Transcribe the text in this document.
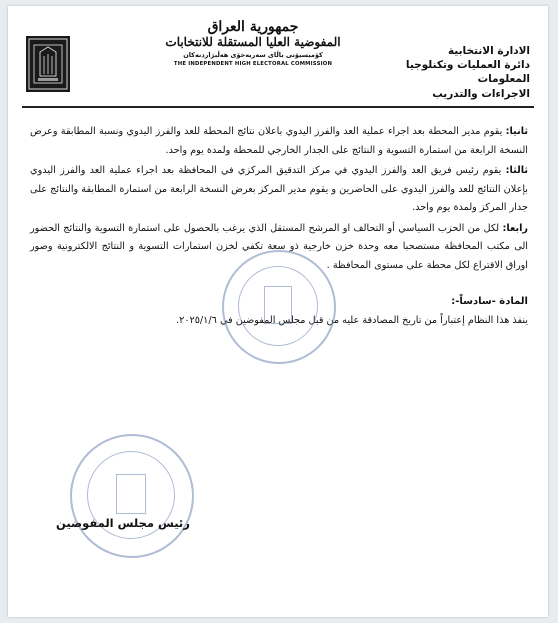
الادارة الانتخابية
دائرة العمليات وتكنلوجيا المعلومات
الاجراءات والتدريب
جمهورية العراق
المفوضية العليا المستقلة للانتخابات
كۆمیسیۆنی باڵای سەربەخۆی هەڵبژاردنەکان
THE INDEPENDENT HIGH ELECTORAL COMMISSION

ثانيا: يقوم مدير المحطة بعد اجراء عملية العد والفرز اليدوي باعلان نتائج المحطة للعد والفرز اليدوي ونسبة المطابقة وعرض النسخة الرابعة من استمارة التسوية و النتائج على الجدار الخارجي للمحطة ولمدة يوم واحد.

ثالثا: يقوم رئيس فريق العد والفرز اليدوي في مركز التدقيق المركزي في المحافظة بعد اجراء عملية العد والفرز اليدوي بإعلان النتائج للعد والفرز اليدوي على الحاضرين و يقوم مدير المركز بعرض النسخة الرابعة من استمارة المطابقة والنتائج على جدار المركز ولمدة يوم واحد.

رابعا: لكل من الحزب السياسي أو التحالف او المرشح المستقل الذي يرغب بالحصول على استمارة التسوية والنتائج الحضور الى مكتب المحافظة مستصحبا معه وحدة خزن خارجية ذو سعة تكفي لخزن استمارات التسوية و النتائج الالكترونية وصور اوراق الاقتراع لكل محطة على مستوى المحافظة .

المادة -سادساً-:
ينفذ هذا النظام إعتباراً من تاريخ المصادقة عليه من قبل مجلس المفوضين في ٢٠٢٥/١/٦.
رئيس مجلس المفوضين
